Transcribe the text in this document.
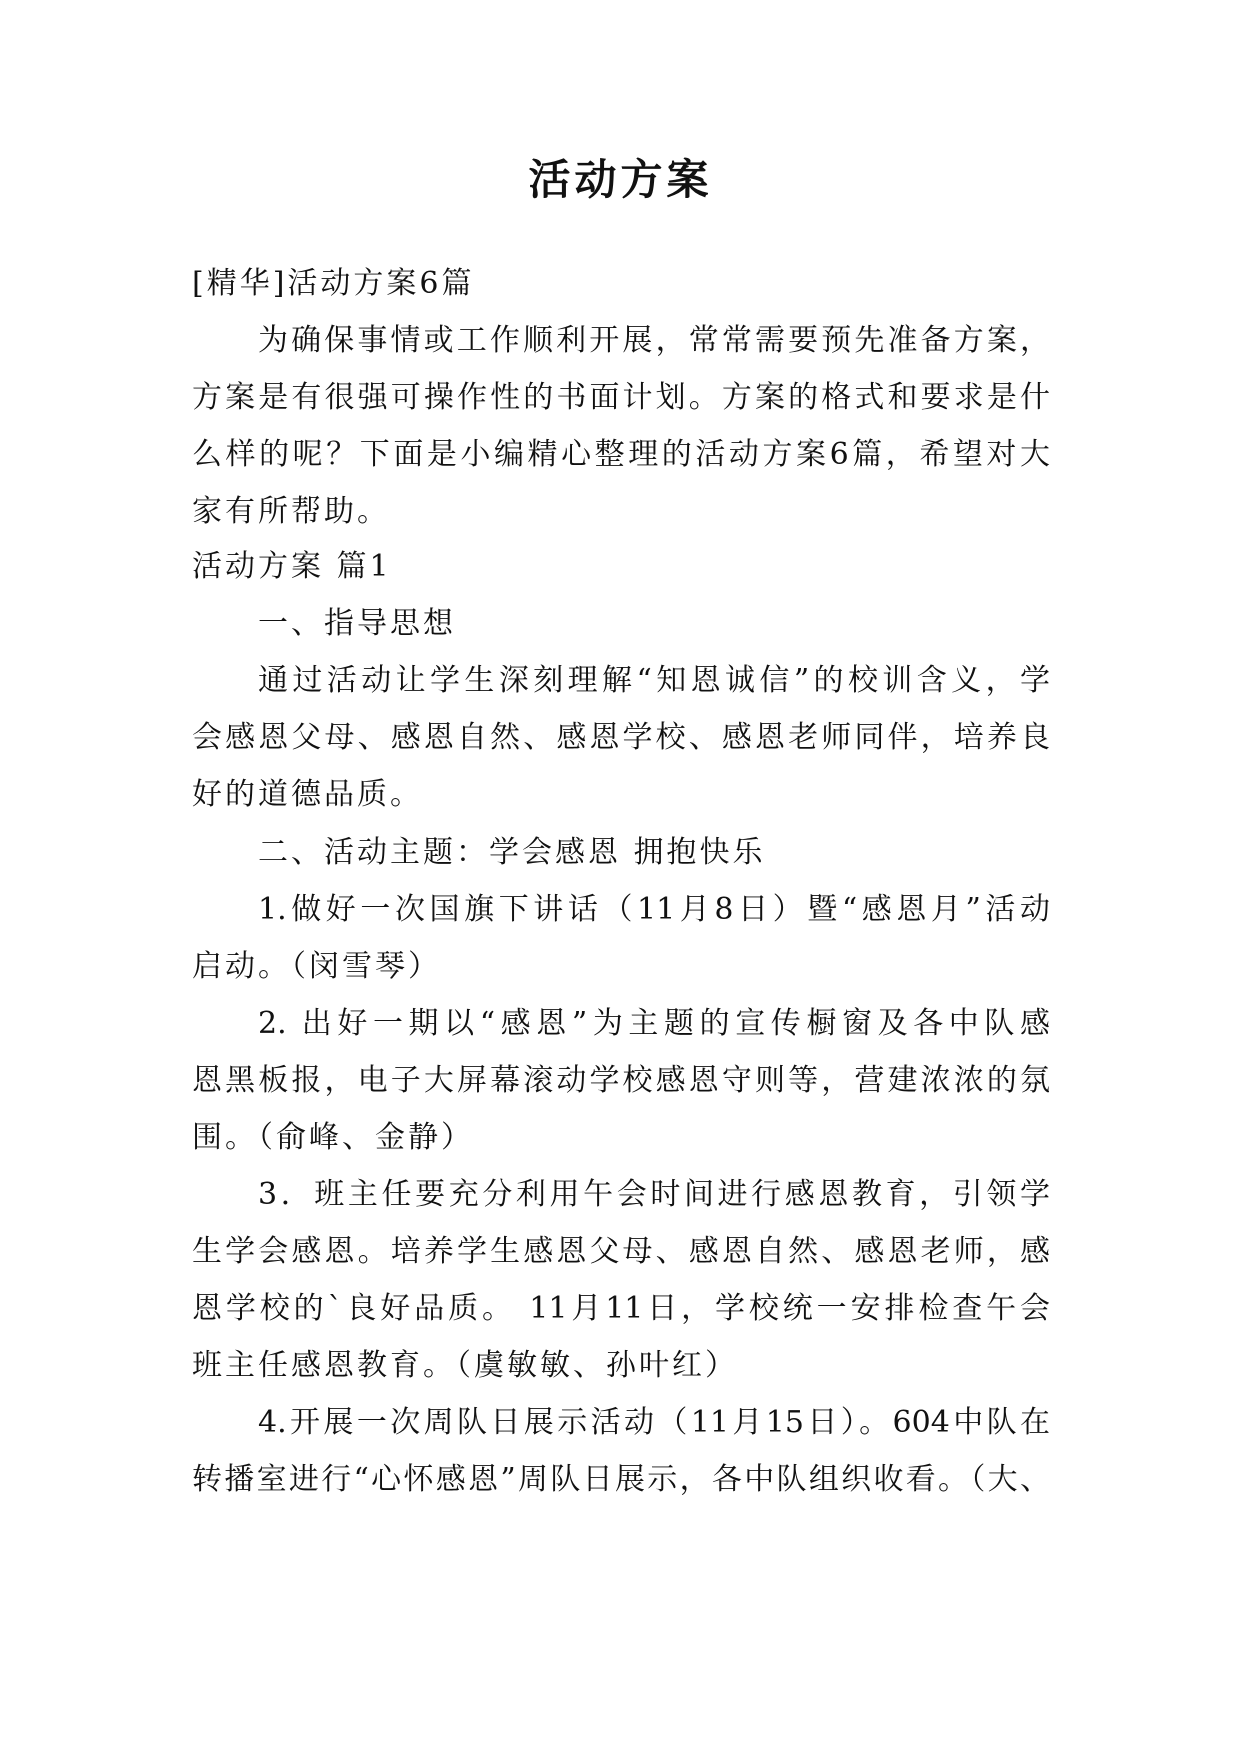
活动方案

[精华]活动方案6篇

为确保事情或工作顺利开展，常常需要预先准备方案，

方案是有很强可操作性的书面计划。方案的格式和要求是什

么样的呢？下面是小编精心整理的活动方案6篇，希望对大

家有所帮助。

活动方案 篇1

一、指导思想

通过活动让学生深刻理解“知恩诚信”的校训含义，学

会感恩父母、感恩自然、感恩学校、感恩老师同伴，培养良

好的道德品质。

二、活动主题：学会感恩 拥抱快乐

1.做好一次国旗下讲话（11月8日）暨“感恩月”活动

启动。（闵雪琴）

2. 出好一期以“感恩”为主题的宣传橱窗及各中队感

恩黑板报，电子大屏幕滚动学校感恩守则等，营建浓浓的氛

围。（俞峰、金静）

3．班主任要充分利用午会时间进行感恩教育，引领学

生学会感恩。培养学生感恩父母、感恩自然、感恩老师，感

恩学校的`良好品质。 11月11日，学校统一安排检查午会

班主任感恩教育。（虞敏敏、孙叶红）

4.开展一次周队日展示活动（11月15日）。604中队在

转播室进行“心怀感恩”周队日展示，各中队组织收看。（大、
